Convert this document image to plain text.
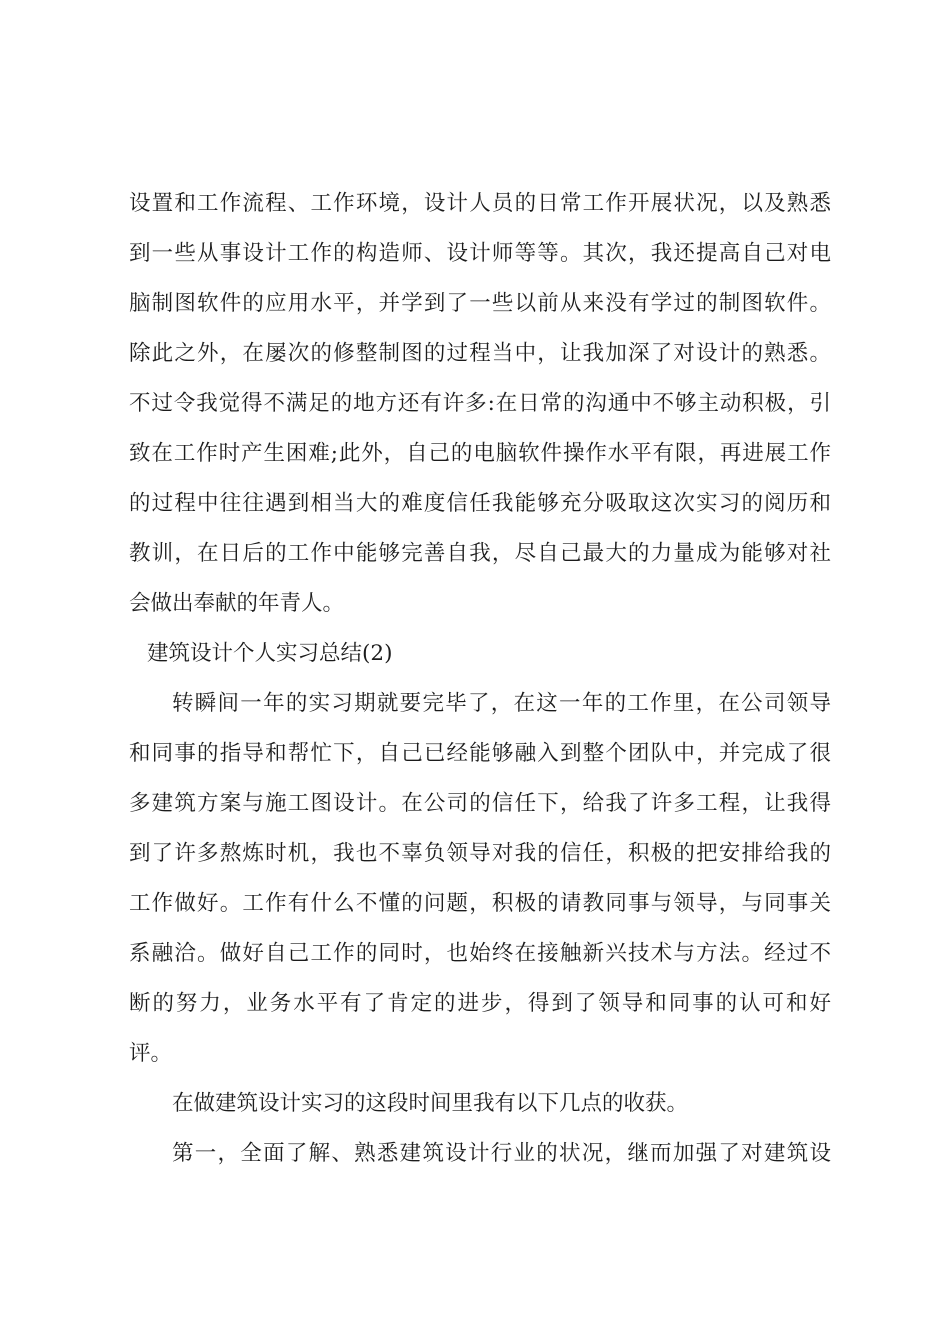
设置和工作流程、工作环境，设计人员的日常工作开展状况，以及熟悉
到一些从事设计工作的构造师、设计师等等。其次，我还提高自己对电
脑制图软件的应用水平，并学到了一些以前从来没有学过的制图软件。
除此之外，在屡次的修整制图的过程当中，让我加深了对设计的熟悉。
不过令我觉得不满足的地方还有许多:在日常的沟通中不够主动积极，引
致在工作时产生困难;此外，自己的电脑软件操作水平有限，再进展工作
的过程中往往遇到相当大的难度信任我能够充分吸取这次实习的阅历和
教训，在日后的工作中能够完善自我，尽自己最大的力量成为能够对社
会做出奉献的年青人。
建筑设计个人实习总结(2)
转瞬间一年的实习期就要完毕了，在这一年的工作里，在公司领导
和同事的指导和帮忙下，自己已经能够融入到整个团队中，并完成了很
多建筑方案与施工图设计。在公司的信任下，给我了许多工程，让我得
到了许多熬炼时机，我也不辜负领导对我的信任，积极的把安排给我的
工作做好。工作有什么不懂的问题，积极的请教同事与领导，与同事关
系融洽。做好自己工作的同时，也始终在接触新兴技术与方法。经过不
断的努力，业务水平有了肯定的进步，得到了领导和同事的认可和好
评。
在做建筑设计实习的这段时间里我有以下几点的收获。
第一，全面了解、熟悉建筑设计行业的状况，继而加强了对建筑设
